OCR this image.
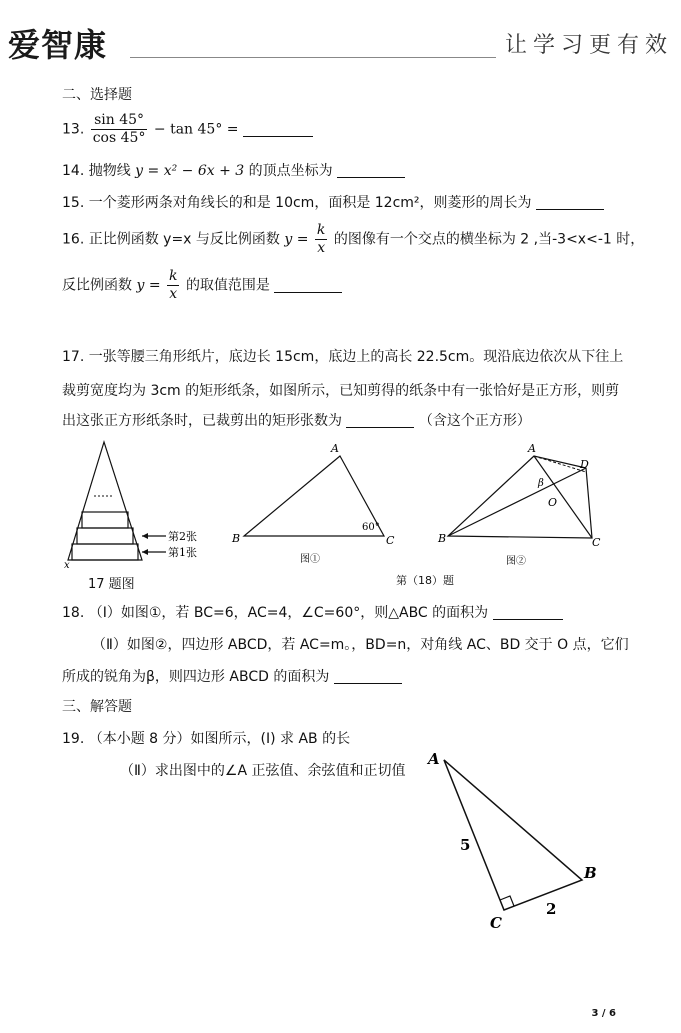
爱智康	让学习更有效
二、选择题
13. $\frac{\sin 45^\circ}{\cos 45^\circ} - \tan 45^\circ$ =
14. 抛物线 y = x² − 6x + 3 的顶点坐标为
15. 一个菱形两条对角线长的和是 10cm，面积是 12cm²，则菱形的周长为
16. 正比例函数 y=x 与反比例函数 $y = \frac{k}{x}$ 的图像有一个交点的横坐标为 2 ,当-3<x<-1 时，
反比例函数 $y = \frac{k}{x}$ 的取值范围是
17. 一张等腰三角形纸片，底边长 15cm，底边上的高长 22.5cm。现沿底边依次从下往上
裁剪宽度均为 3cm 的矩形纸条，如图所示，已知剪得的纸条中有一张恰好是正方形，则剪
出这张正方形纸条时，已裁剪出的矩形张数为	（含这个正方形）
第2张
第1张
x
17 题图
A
B	C
60°
图①
A
B	C
D
O
β
图②
第（18）题
18. （Ⅰ）如图①，若 BC=6，AC=4，∠C=60°，则△ABC 的面积为
（Ⅱ）如图②，四边形 ABCD，若 AC=m。，BD=n，对角线 AC、BD 交于 O 点，它们
所成的锐角为β，则四边形 ABCD 的面积为
三、解答题
19. （本小题 8 分）如图所示，(Ⅰ) 求 AB 的长
（Ⅱ）求出图中的∠A 正弦值、余弦值和正切值
A
B
C
5
2
3 / 6
